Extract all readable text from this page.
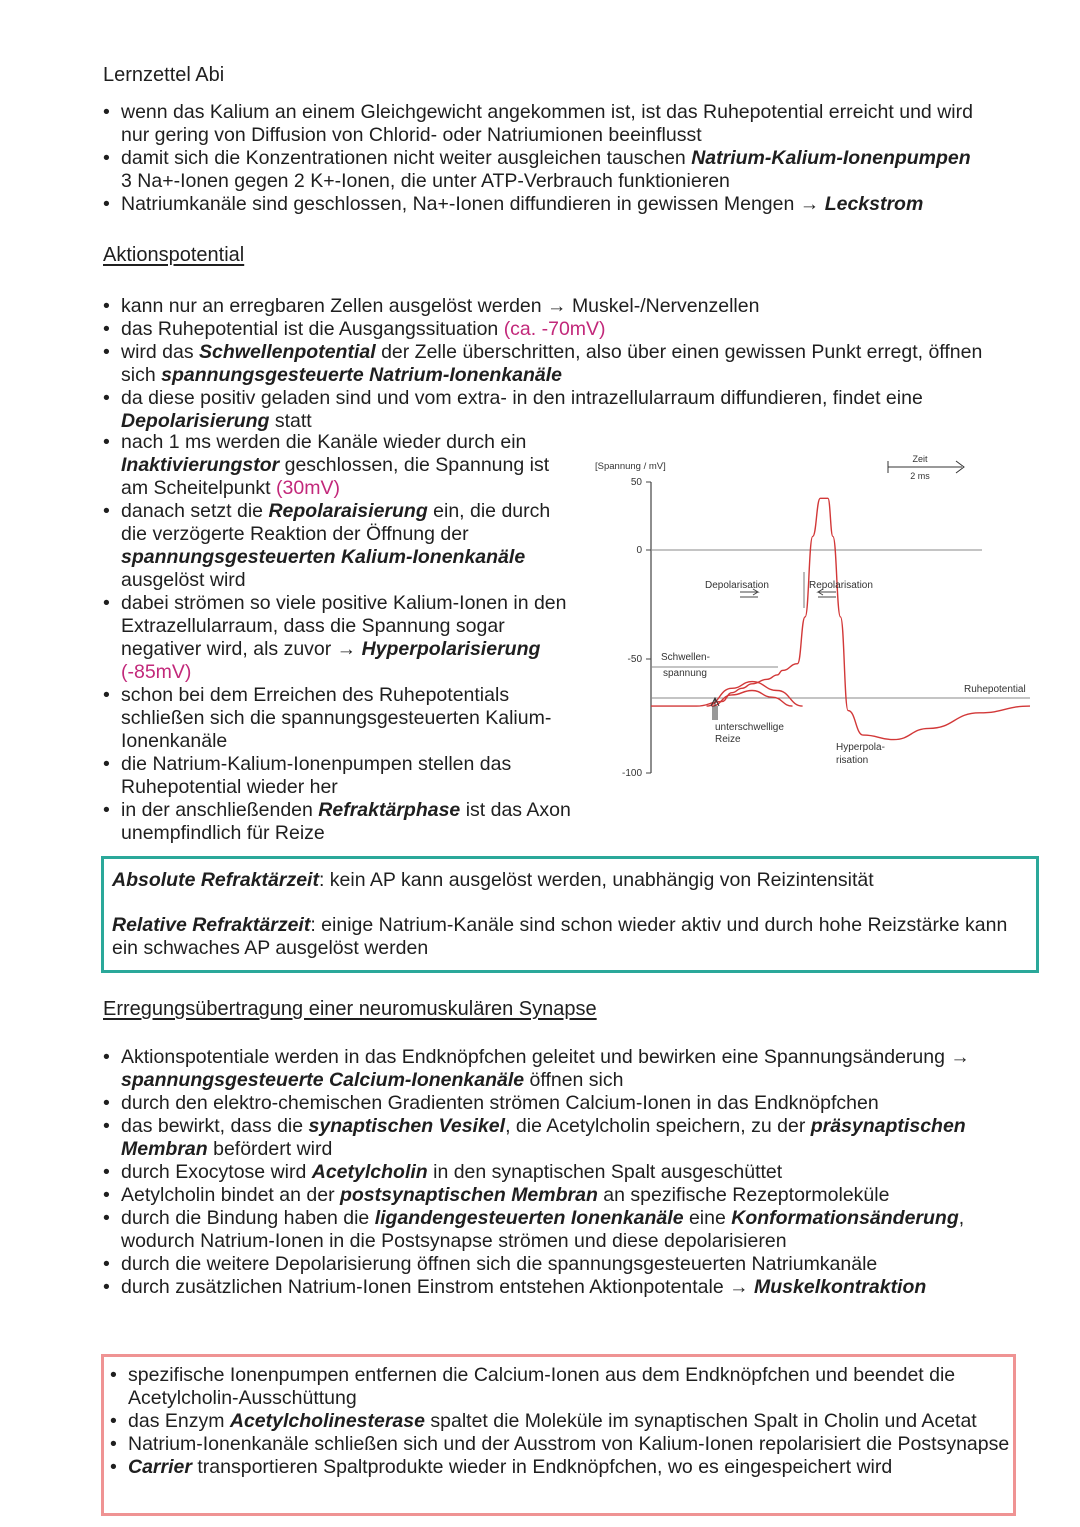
Lernzettel Abi
• wenn das Kalium an einem Gleichgewicht angekommen ist, ist das Ruhepotential erreicht und wird nur gering von Diffusion von Chlorid- oder Natriumionen beeinflusst
• damit sich die Konzentrationen nicht weiter ausgleichen tauschen Natrium-Kalium-Ionenpumpen 3 Na+-Ionen gegen 2 K+-Ionen, die unter ATP-Verbrauch funktionieren
• Natriumkanäle sind geschlossen, Na+-Ionen diffundieren in gewissen Mengen → Leckstrom
Aktionspotential
• kann nur an erregbaren Zellen ausgelöst werden → Muskel-/Nervenzellen
• das Ruhepotential ist die Ausgangssituation (ca. -70mV)
• wird das Schwellenpotential der Zelle überschritten, also über einen gewissen Punkt erregt, öffnen sich spannungsgesteuerte Natrium-Ionenkanäle
• da diese positiv geladen sind und vom extra- in den intrazellularraum diffundieren, findet eine Depolarisierung statt
• nach 1 ms werden die Kanäle wieder durch ein Inaktivierungstor geschlossen, die Spannung ist am Scheitelpunkt (30mV)
• danach setzt die Repolaraisierung ein, die durch die verzögerte Reaktion der Öffnung der spannungsgesteuerten Kalium-Ionenkanäle ausgelöst wird
• dabei strömen so viele positive Kalium-Ionen in den Extrazellularraum, dass die Spannung sogar negativer wird, als zuvor → Hyperpolarisierung (-85mV)
• schon bei dem Erreichen des Ruhepotentials schließen sich die spannungsgesteuerten Kalium-Ionenkanäle
• die Natrium-Kalium-Ionenpumpen stellen das Ruhepotential wieder her
• in der anschließenden Refraktärphase ist das Axon unempfindlich für Reize
[Spannung / mV]
50
0
-50
-100
Zeit
2 ms
Depolarisation	Repolarisation
Schwellen-
spannung
Ruhepotential
unterschwellige
Reize
Hyperpola-
risation

Absolute Refraktärzeit: kein AP kann ausgelöst werden, unabhängig von Reizintensität

Relative Refraktärzeit: einige Natrium-Kanäle sind schon wieder aktiv und durch hohe Reizstärke kann ein schwaches AP ausgelöst werden

Erregungsübertragung einer neuromuskulären Synapse
• Aktionspotentiale werden in das Endknöpfchen geleitet und bewirken eine Spannungsänderung → spannungsgesteuerte Calcium-Ionenkanäle öffnen sich
• durch den elektro-chemischen Gradienten strömen Calcium-Ionen in das Endknöpfchen
• das bewirkt, dass die synaptischen Vesikel, die Acetylcholin speichern, zu der präsynaptischen Membran befördert wird
• durch Exocytose wird Acetylcholin in den synaptischen Spalt ausgeschüttet
• Aetylcholin bindet an der postsynaptischen Membran an spezifische Rezeptormoleküle
• durch die Bindung haben die ligandengesteuerten Ionenkanäle eine Konformationsänderung, wodurch Natrium-Ionen in die Postsynapse strömen und diese depolarisieren
• durch die weitere Depolarisierung öffnen sich die spannungsgesteuerten Natriumkanäle
• durch zusätzlichen Natrium-Ionen Einstrom entstehen Aktionpotentale → Muskelkontraktion
• spezifische Ionenpumpen entfernen die Calcium-Ionen aus dem Endknöpfchen und beendet die Acetylcholin-Ausschüttung
• das Enzym Acetylcholinesterase spaltet die Moleküle im synaptischen Spalt in Cholin und Acetat
• Natrium-Ionenkanäle schließen sich und der Ausstrom von Kalium-Ionen repolarisiert die Postsynapse
• Carrier transportieren Spaltprodukte wieder in Endknöpfchen, wo es eingespeichert wird
